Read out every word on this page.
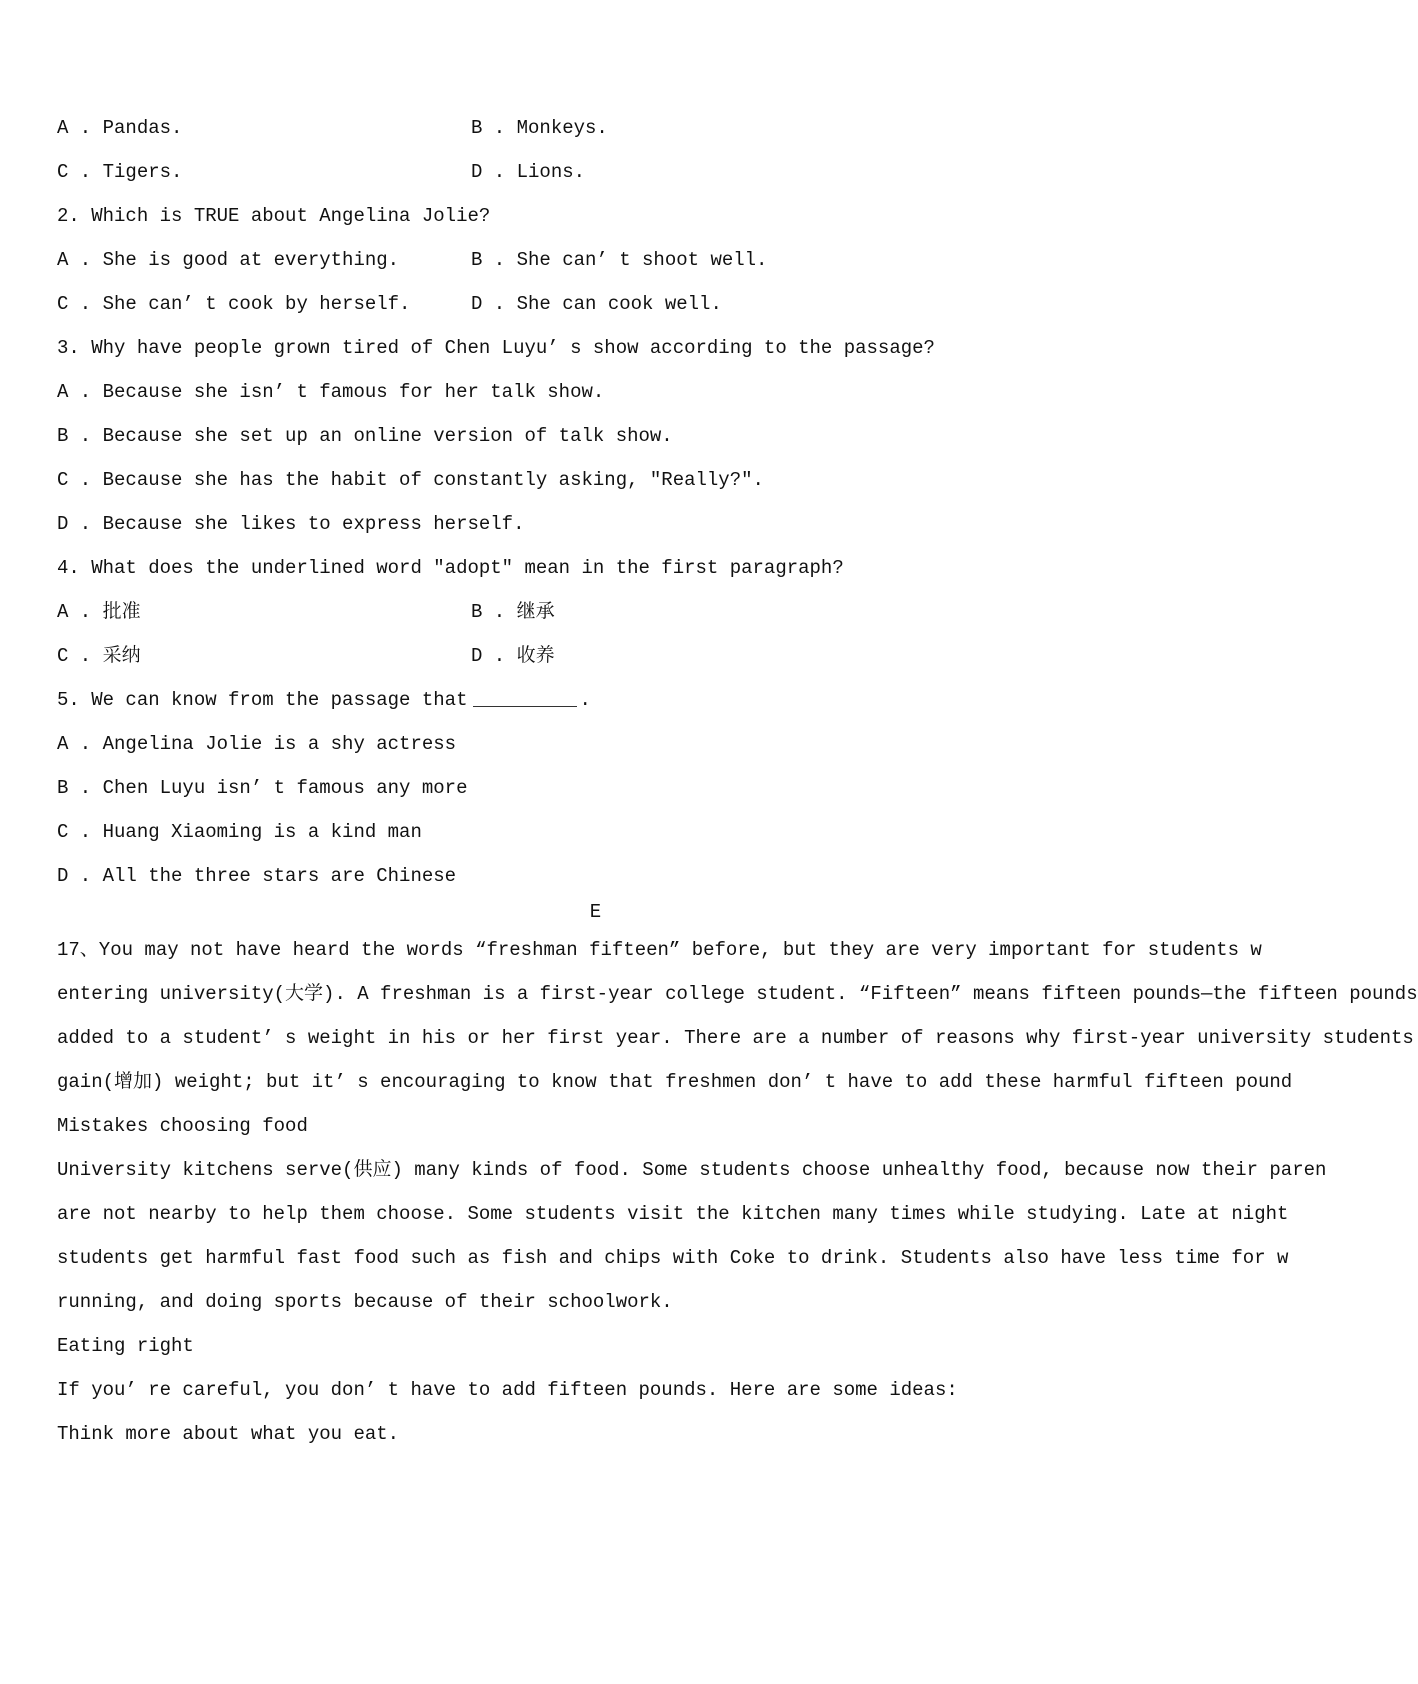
A . Pandas.	B . Monkeys.
C . Tigers.	D . Lions.
2. Which is TRUE about Angelina Jolie?
A . She is good at everything.	B . She can’ t shoot well.
C . She can’ t cook by herself.	D . She can cook well.
3. Why have people grown tired of Chen Luyu’ s show according to the passage?
A . Because she isn’ t famous for her talk show.
B . Because she set up an online version of talk show.
C . Because she has the habit of constantly asking, "Really?".
D . Because she likes to express herself.
4. What does the underlined word "adopt" mean in the first paragraph?
A . 批准	B . 继承
C . 采纳	D . 收养
5. We can know from the passage that	.
A . Angelina Jolie is a shy actress
B . Chen Luyu isn’ t famous any more
C . Huang Xiaoming is a kind man
D . All the three stars are Chinese
E
17、You may not have heard the words “freshman fifteen” before, but they are very important for students w
entering university(大学). A freshman is a first-year college student. “Fifteen” means fifteen pounds—the fifteen pounds
added to a student’ s weight in his or her first year. There are a number of reasons why first-year university students
gain(增加) weight; but it’ s encouraging to know that freshmen don’ t have to add these harmful fifteen pound
Mistakes choosing food
University kitchens serve(供应) many kinds of food. Some students choose unhealthy food, because now their paren
are not nearby to help them choose. Some students visit the kitchen many times while studying. Late at night
students get harmful fast food such as fish and chips with Coke to drink. Students also have less time for w
running, and doing sports because of their schoolwork.
Eating right
If you’ re careful, you don’ t have to add fifteen pounds. Here are some ideas:
Think more about what you eat.
